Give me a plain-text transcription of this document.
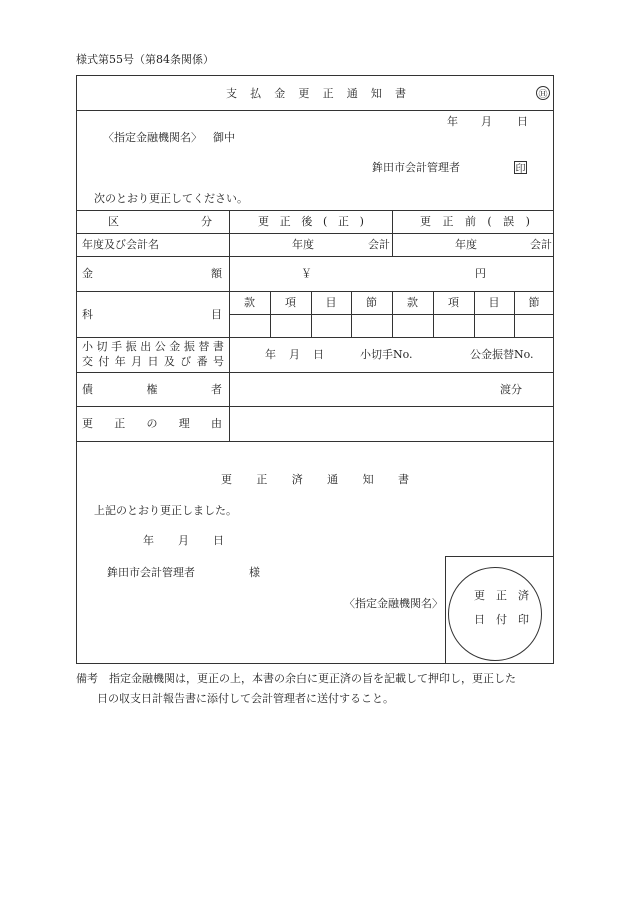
様式第55号（第84条関係）
支 払 金 更 正 通 知 書	Ⓗ
年 月 日
〈指定金融機関名〉 御中
鉾田市会計管理者	印
次のとおり更正してください。
区	分	更 正 後 ( 正 )	更 正 前 ( 誤 )
年度及び会計名	年度	会計	年度	会計
金	額	￥	円
科	目
款	項	目	節	款	項	目	節
小 切 手 振 出 公 金 振 替 書
交 付 年 月 日 及 び 番 号
年 月 日	小切手No.	公金振替No.
債	権	者	渡分
更 正 の 理 由
更 正 済 通 知 書
上記のとおり更正しました。
年 月 日
鉾田市会計管理者	様
〈指定金融機関名〉
更 正 済
日 付 印
備考　指定金融機関は，更正の上，本書の余白に更正済の旨を記載して押印し，更正した
日の収支日計報告書に添付して会計管理者に送付すること。
